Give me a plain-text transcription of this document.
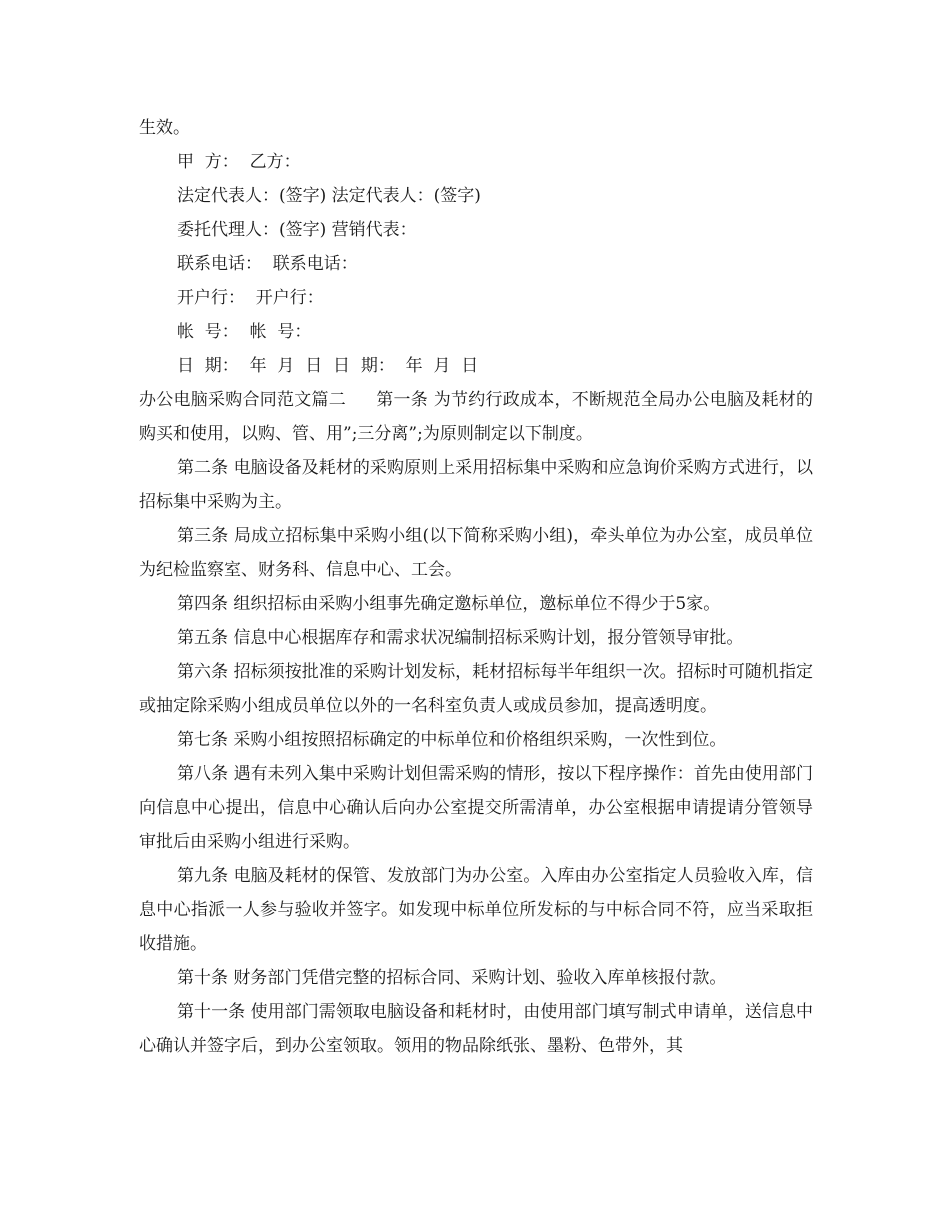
生效。

甲  方：  乙方：

法定代表人：(签字) 法定代表人：(签字)

委托代理人：(签字) 营销代表：

联系电话：  联系电话：

开户行：  开户行：

帐  号：  帐  号：

日  期：  年  月  日  日  期：  年  月  日

办公电脑采购合同范文篇二 第一条 为节约行政成本，不断规范全局办公电脑及耗材的购买和使用，以购、管、用”;三分离”;为原则制定以下制度。

第二条 电脑设备及耗材的采购原则上采用招标集中采购和应急询价采购方式进行，以招标集中采购为主。

第三条 局成立招标集中采购小组(以下简称采购小组)，牵头单位为办公室，成员单位为纪检监察室、财务科、信息中心、工会。

第四条 组织招标由采购小组事先确定邀标单位，邀标单位不得少于5家。

第五条 信息中心根据库存和需求状况编制招标采购计划，报分管领导审批。

第六条 招标须按批准的采购计划发标，耗材招标每半年组织一次。招标时可随机指定或抽定除采购小组成员单位以外的一名科室负责人或成员参加，提高透明度。

第七条 采购小组按照招标确定的中标单位和价格组织采购，一次性到位。

第八条 遇有未列入集中采购计划但需采购的情形，按以下程序操作：首先由使用部门向信息中心提出，信息中心确认后向办公室提交所需清单，办公室根据申请提请分管领导审批后由采购小组进行采购。

第九条 电脑及耗材的保管、发放部门为办公室。入库由办公室指定人员验收入库，信息中心指派一人参与验收并签字。如发现中标单位所发标的与中标合同不符，应当采取拒收措施。

第十条 财务部门凭借完整的招标合同、采购计划、验收入库单核报付款。

第十一条 使用部门需领取电脑设备和耗材时，由使用部门填写制式申请单，送信息中心确认并签字后，到办公室领取。领用的物品除纸张、墨粉、色带外，其
